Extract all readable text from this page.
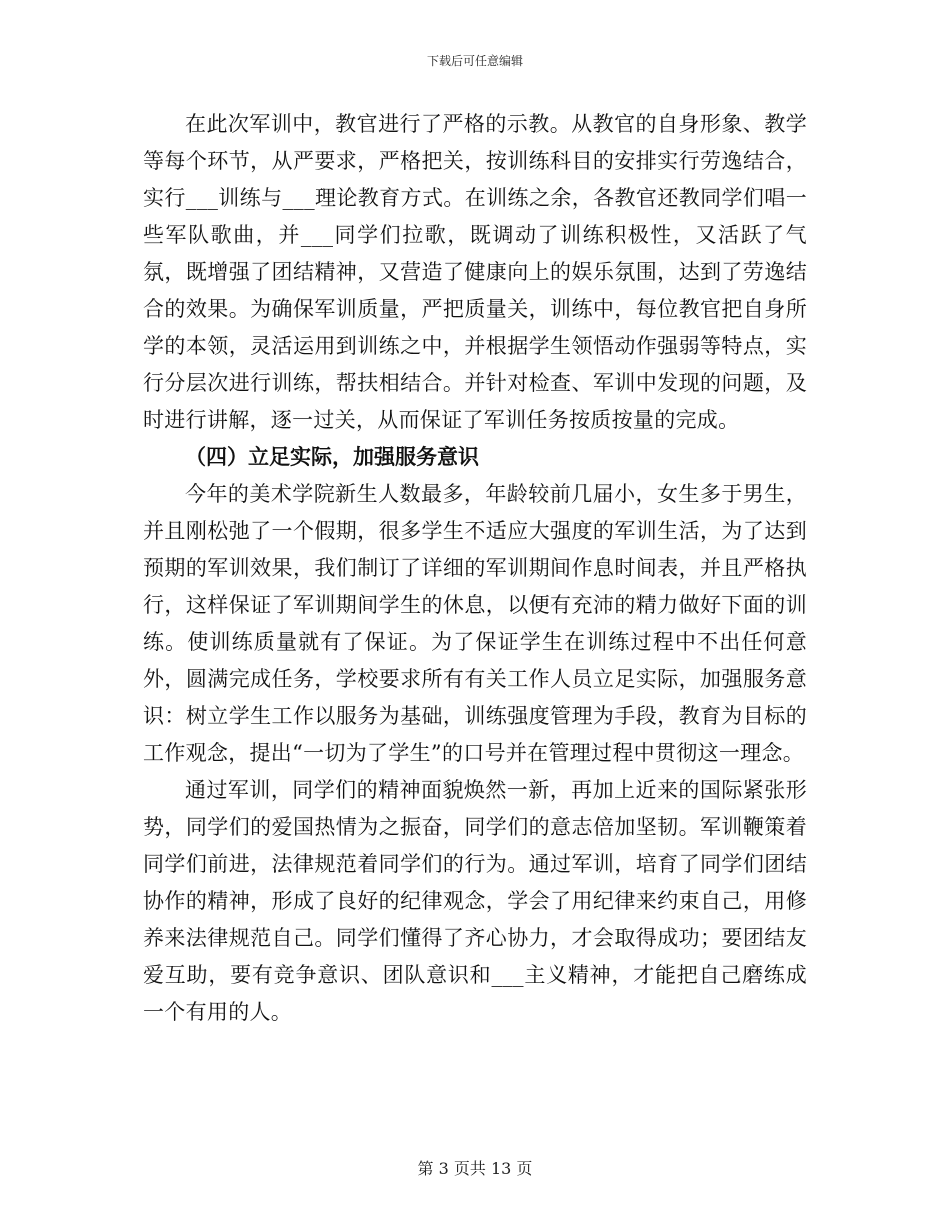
下载后可任意编辑

在此次军训中，教官进行了严格的示教。从教官的自身形象、教学等每个环节，从严要求，严格把关，按训练科目的安排实行劳逸结合，实行___训练与___理论教育方式。在训练之余，各教官还教同学们唱一些军队歌曲，并___同学们拉歌，既调动了训练积极性，又活跃了气氛，既增强了团结精神，又营造了健康向上的娱乐氛围，达到了劳逸结合的效果。为确保军训质量，严把质量关，训练中，每位教官把自身所学的本领，灵活运用到训练之中，并根据学生领悟动作强弱等特点，实行分层次进行训练，帮扶相结合。并针对检查、军训中发现的问题，及时进行讲解，逐一过关，从而保证了军训任务按质按量的完成。

（四）立足实际，加强服务意识

今年的美术学院新生人数最多，年龄较前几届小，女生多于男生，并且刚松弛了一个假期，很多学生不适应大强度的军训生活，为了达到预期的军训效果，我们制订了详细的军训期间作息时间表，并且严格执行，这样保证了军训期间学生的休息，以便有充沛的精力做好下面的训练。使训练质量就有了保证。为了保证学生在训练过程中不出任何意外，圆满完成任务，学校要求所有有关工作人员立足实际，加强服务意识：树立学生工作以服务为基础，训练强度管理为手段，教育为目标的工作观念，提出“一切为了学生”的口号并在管理过程中贯彻这一理念。

通过军训，同学们的精神面貌焕然一新，再加上近来的国际紧张形势，同学们的爱国热情为之振奋，同学们的意志倍加坚韧。军训鞭策着同学们前进，法律规范着同学们的行为。通过军训，培育了同学们团结协作的精神，形成了良好的纪律观念，学会了用纪律来约束自己，用修养来法律规范自己。同学们懂得了齐心协力，才会取得成功；要团结友爱互助，要有竞争意识、团队意识和___主义精神，才能把自己磨练成一个有用的人。

第 3 页共 13 页
